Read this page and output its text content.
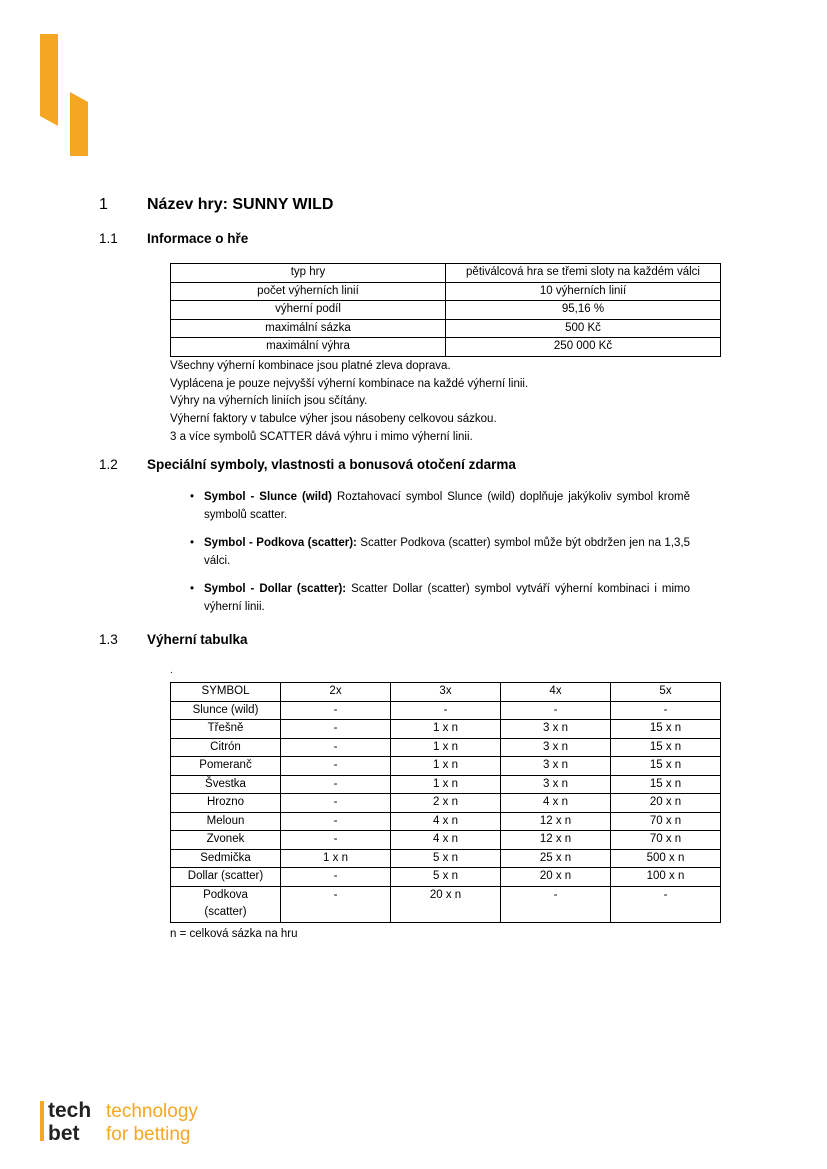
1 Název hry: SUNNY WILD
1.1 Informace o hře
typ hry	pětiválcová hra se třemi sloty na každém válci
počet výherních linií	10 výherních linií
výherní podíl	95,16 %
maximální sázka	500 Kč
maximální výhra	250 000 Kč
Všechny výherní kombinace jsou platné zleva doprava.
Vyplácena je pouze nejvyšší výherní kombinace na každé výherní linii.
Výhry na výherních liniích jsou sčítány.
Výherní faktory v tabulce výher jsou násobeny celkovou sázkou.
3 a více symbolů SCATTER dává výhru i mimo výherní linii.
1.2 Speciální symboly, vlastnosti a bonusová otočení zdarma
• Symbol - Slunce (wild) Roztahovací symbol Slunce (wild) doplňuje jakýkoliv symbol kromě symbolů scatter.
• Symbol - Podkova (scatter): Scatter Podkova (scatter) symbol může být obdržen jen na 1,3,5 válci.
• Symbol - Dollar (scatter): Scatter Dollar (scatter) symbol vytváří výherní kombinaci i mimo výherní linii.
1.3 Výherní tabulka
.
SYMBOL	2x	3x	4x	5x
Slunce (wild)	-	-	-	-
Třešně	-	1 x n	3 x n	15 x n
Citrón	-	1 x n	3 x n	15 x n
Pomeranč	-	1 x n	3 x n	15 x n
Švestka	-	1 x n	3 x n	15 x n
Hrozno	-	2 x n	4 x n	20 x n
Meloun	-	4 x n	12 x n	70 x n
Zvonek	-	4 x n	12 x n	70 x n
Sedmička	1 x n	5 x n	25 x n	500 x n
Dollar (scatter)	-	5 x n	20 x n	100 x n
Podkova (scatter)	-	20 x n	-	-
n = celková sázka na hru
tech technology
bet	for betting
